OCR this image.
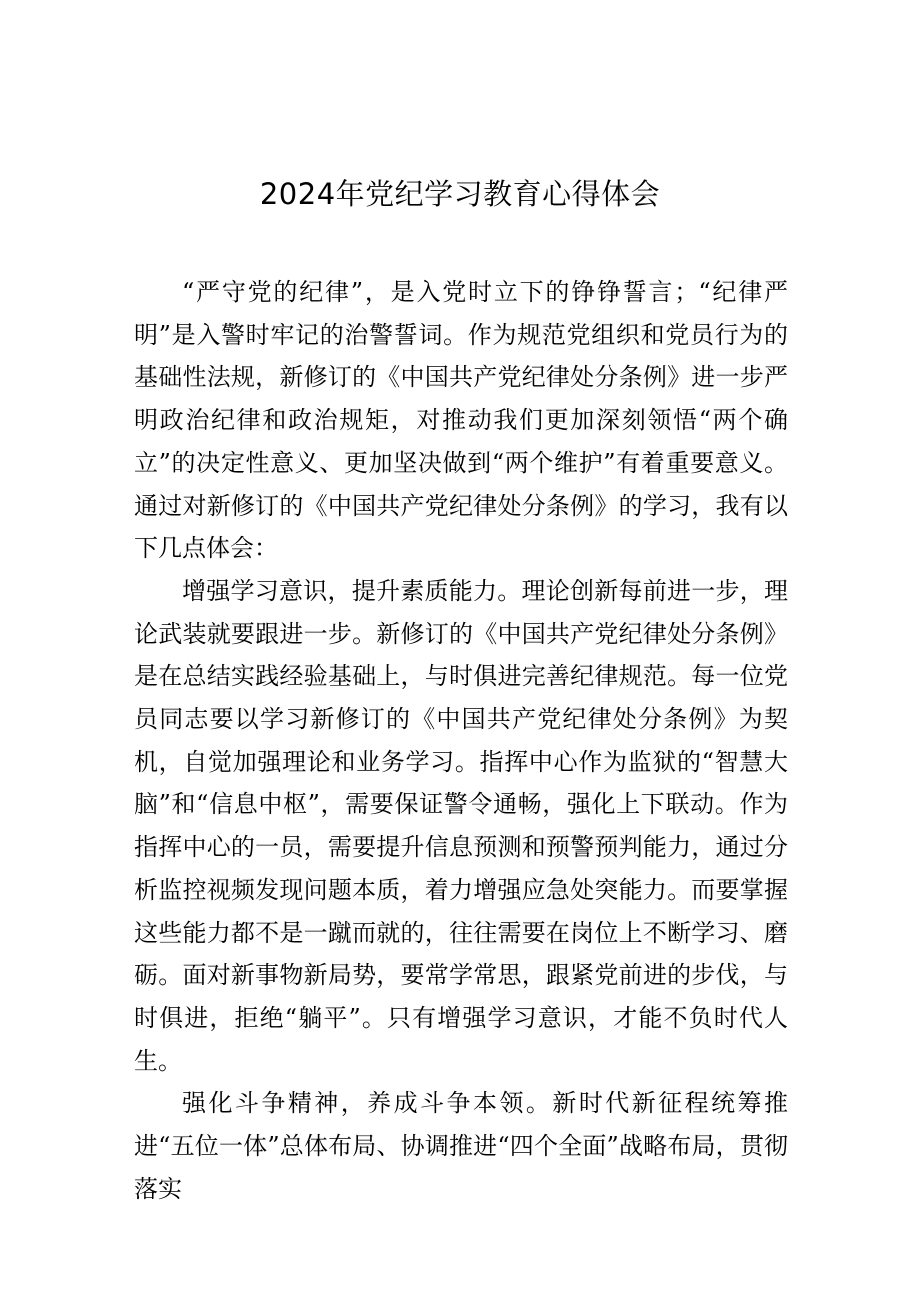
2024年党纪学习教育心得体会

“严守党的纪律”，是入党时立下的铮铮誓言；“纪律严明”是入警时牢记的治警誓词。作为规范党组织和党员行为的基础性法规，新修订的《中国共产党纪律处分条例》进一步严明政治纪律和政治规矩，对推动我们更加深刻领悟“两个确立”的决定性意义、更加坚决做到“两个维护”有着重要意义。通过对新修订的《中国共产党纪律处分条例》的学习，我有以下几点体会：

增强学习意识，提升素质能力。理论创新每前进一步，理论武装就要跟进一步。新修订的《中国共产党纪律处分条例》是在总结实践经验基础上，与时俱进完善纪律规范。每一位党员同志要以学习新修订的《中国共产党纪律处分条例》为契机，自觉加强理论和业务学习。指挥中心作为监狱的“智慧大脑”和“信息中枢”，需要保证警令通畅，强化上下联动。作为指挥中心的一员，需要提升信息预测和预警预判能力，通过分析监控视频发现问题本质，着力增强应急处突能力。而要掌握这些能力都不是一蹴而就的，往往需要在岗位上不断学习、磨砺。面对新事物新局势，要常学常思，跟紧党前进的步伐，与时俱进，拒绝“躺平”。只有增强学习意识，才能不负时代人生。

强化斗争精神，养成斗争本领。新时代新征程统筹推进“五位一体”总体布局、协调推进“四个全面”战略布局，贯彻落实
